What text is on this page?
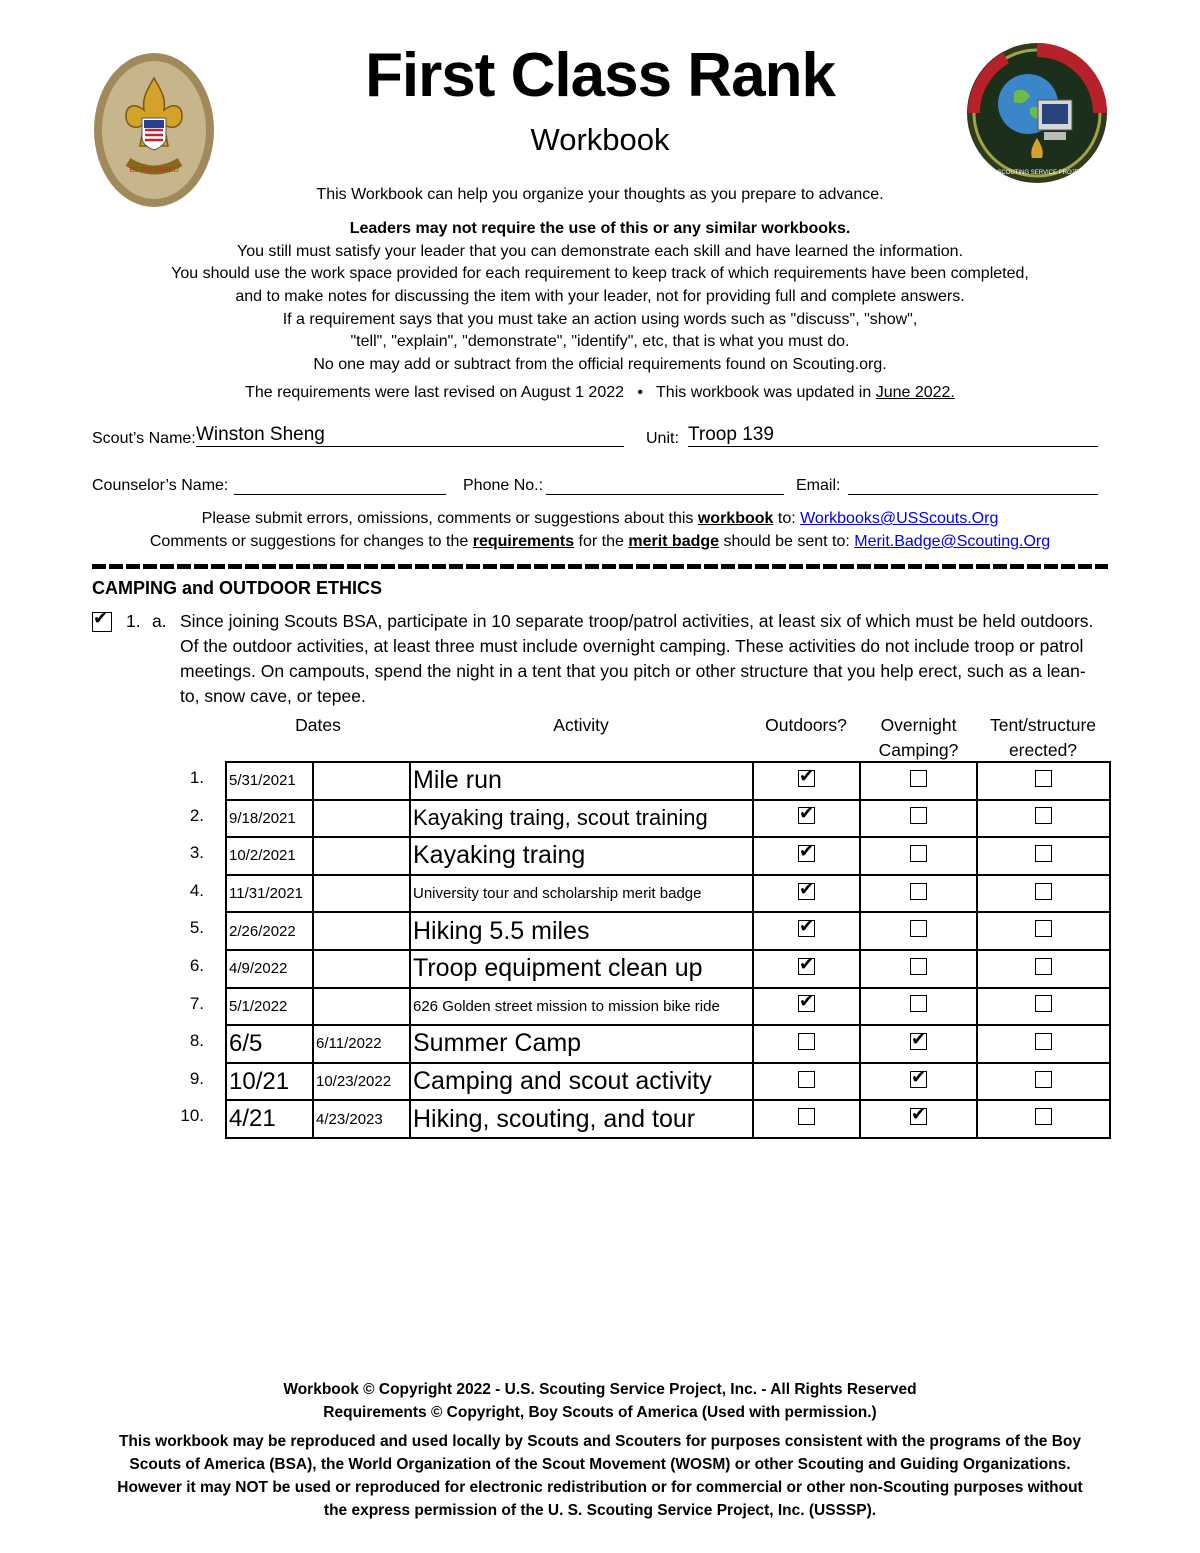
BE PREPARED	US SCOUTING SERVICE PROJECT
First Class Rank
Workbook
This Workbook can help you organize your thoughts as you prepare to advance.
Leaders may not require the use of this or any similar workbooks.
You still must satisfy your leader that you can demonstrate each skill and have learned the information.
You should use the work space provided for each requirement to keep track of which requirements have been completed,
and to make notes for discussing the item with your leader, not for providing full and complete answers.
If a requirement says that you must take an action using words such as "discuss", "show",
"tell", "explain", "demonstrate", "identify", etc, that is what you must do.
No one may add or subtract from the official requirements found on Scouting.org.
The requirements were last revised on August 1 2022 • This workbook was updated in June 2022.
Scout’s Name: Winston Sheng	Unit: Troop 139
Counselor’s Name:	Phone No.:	Email:
Please submit errors, omissions, comments or suggestions about this workbook to: Workbooks@USScouts.Org
Comments or suggestions for changes to the requirements for the merit badge should be sent to: Merit.Badge@Scouting.Org
CAMPING and OUTDOOR ETHICS
✔
1. a. Since joining Scouts BSA, participate in 10 separate troop/patrol activities, at least six of which must be held outdoors.
Of the outdoor activities, at least three must include overnight camping. These activities do not include troop or patrol
meetings. On campouts, spend the night in a tent that you pitch or other structure that you help erect, such as a lean-
to, snow cave, or tepee.
Dates	Activity	Outdoors?	Overnight
Camping?
Tent/structure
erected?
1.
2.
3.
4.
5.
6.
7.
8.
9.
10.
5/31/2021		Mile run	✔		
9/18/2021		Kayaking traing, scout training	✔		
10/2/2021		Kayaking traing	✔		
11/31/2021		University tour and scholarship merit badge	✔		
2/26/2022		Hiking 5.5 miles	✔		
4/9/2022		Troop equipment clean up	✔		
5/1/2022		626 Golden street mission to mission bike ride	✔		
6/5	6/11/2022	Summer Camp		✔	
10/21	10/23/2022	Camping and scout activity		✔	
4/21	4/23/2023	Hiking, scouting, and tour		✔	
Workbook © Copyright 2022 - U.S. Scouting Service Project, Inc. - All Rights Reserved
Requirements © Copyright, Boy Scouts of America (Used with permission.)
This workbook may be reproduced and used locally by Scouts and Scouters for purposes consistent with the programs of the Boy
Scouts of America (BSA), the World Organization of the Scout Movement (WOSM) or other Scouting and Guiding Organizations.
However it may NOT be used or reproduced for electronic redistribution or for commercial or other non-Scouting purposes without
the express permission of the U. S. Scouting Service Project, Inc. (USSSP).
